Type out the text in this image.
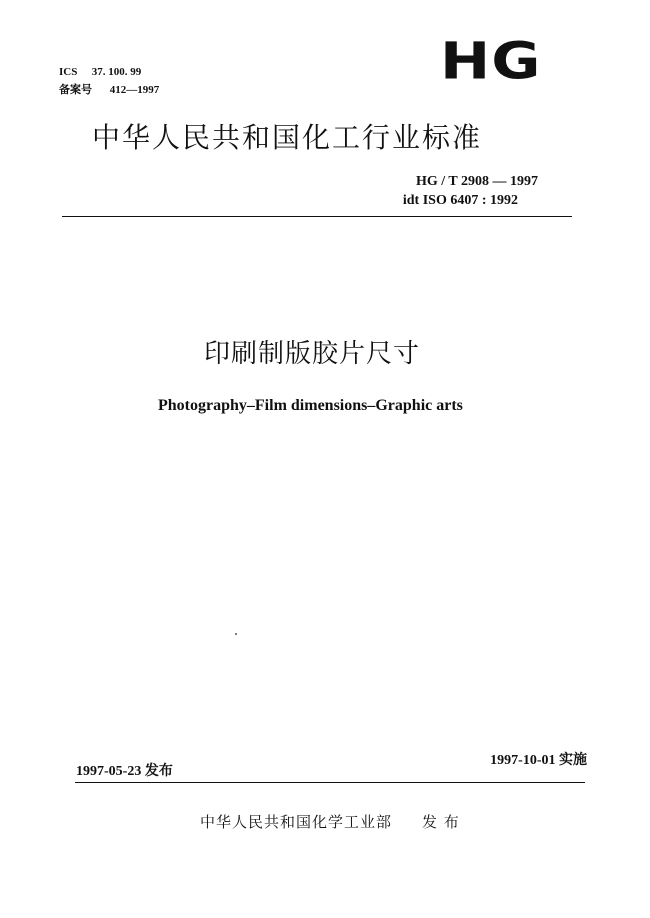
ICS 37. 100. 99
备案号 412—1997	HG
中华人民共和国化工行业标准
HG / T 2908 — 1997
idt ISO 6407 : 1992
印刷制版胶片尺寸
Photography–Film dimensions–Graphic arts
1997-05-23 发布
1997-10-01 实施
中华人民共和国化学工业部 发 布
